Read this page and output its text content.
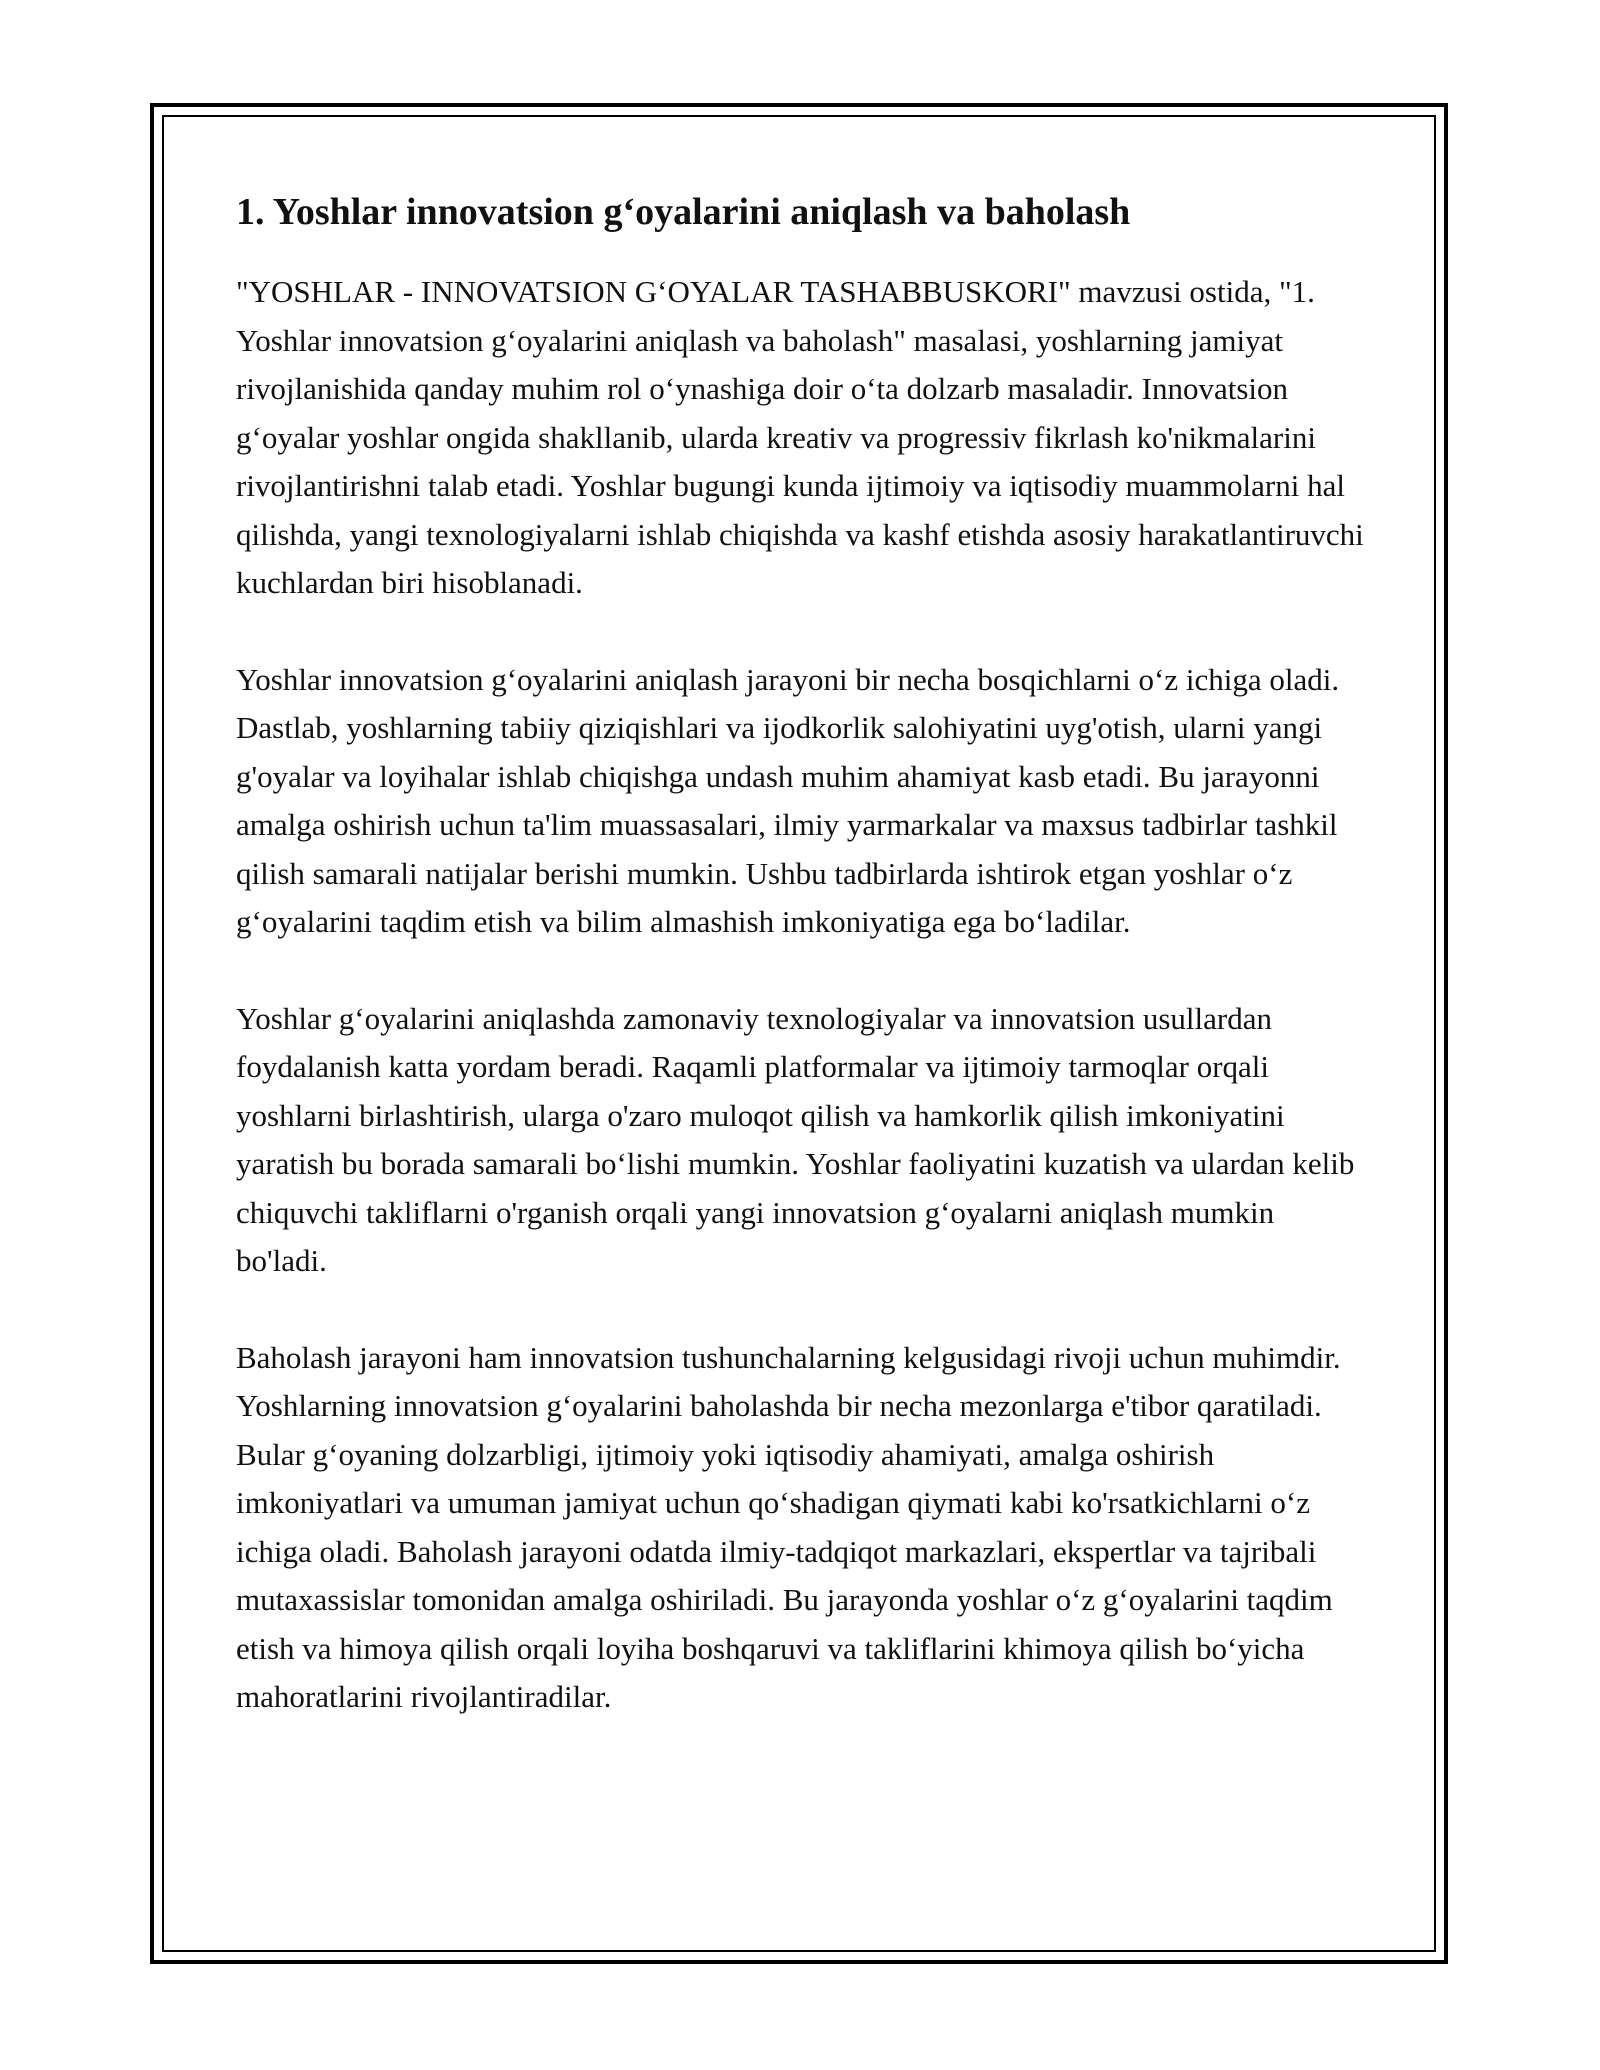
1. Yoshlar innovatsion g‘oyalarini aniqlash va baholash

"YOSHLAR - INNOVATSION G‘OYALAR TASHABBUSKORI" mavzusi ostida, "1. Yoshlar innovatsion g‘oyalarini aniqlash va baholash" masalasi, yoshlarning jamiyat rivojlanishida qanday muhim rol o‘ynashiga doir o‘ta dolzarb masaladir. Innovatsion g‘oyalar yoshlar ongida shakllanib, ularda kreativ va progressiv fikrlash ko'nikmalarini rivojlantirishni talab etadi. Yoshlar bugungi kunda ijtimoiy va iqtisodiy muammolarni hal qilishda, yangi texnologiyalarni ishlab chiqishda va kashf etishda asosiy harakatlantiruvchi kuchlardan biri hisoblanadi.

Yoshlar innovatsion g‘oyalarini aniqlash jarayoni bir necha bosqichlarni o‘z ichiga oladi. Dastlab, yoshlarning tabiiy qiziqishlari va ijodkorlik salohiyatini uyg'otish, ularni yangi g'oyalar va loyihalar ishlab chiqishga undash muhim ahamiyat kasb etadi. Bu jarayonni amalga oshirish uchun ta'lim muassasalari, ilmiy yarmarkalar va maxsus tadbirlar tashkil qilish samarali natijalar berishi mumkin. Ushbu tadbirlarda ishtirok etgan yoshlar o‘z g‘oyalarini taqdim etish va bilim almashish imkoniyatiga ega bo‘ladilar.

Yoshlar g‘oyalarini aniqlashda zamonaviy texnologiyalar va innovatsion usullardan foydalanish katta yordam beradi. Raqamli platformalar va ijtimoiy tarmoqlar orqali yoshlarni birlashtirish, ularga o'zaro muloqot qilish va hamkorlik qilish imkoniyatini yaratish bu borada samarali bo‘lishi mumkin. Yoshlar faoliyatini kuzatish va ulardan kelib chiquvchi takliflarni o'rganish orqali yangi innovatsion g‘oyalarni aniqlash mumkin bo'ladi.

Baholash jarayoni ham innovatsion tushunchalarning kelgusidagi rivoji uchun muhimdir. Yoshlarning innovatsion g‘oyalarini baholashda bir necha mezonlarga e'tibor qaratiladi. Bular g‘oyaning dolzarbligi, ijtimoiy yoki iqtisodiy ahamiyati, amalga oshirish imkoniyatlari va umuman jamiyat uchun qo‘shadigan qiymati kabi ko'rsatkichlarni o‘z ichiga oladi. Baholash jarayoni odatda ilmiy-tadqiqot markazlari, ekspertlar va tajribali mutaxassislar tomonidan amalga oshiriladi. Bu jarayonda yoshlar o‘z g‘oyalarini taqdim etish va himoya qilish orqali loyiha boshqaruvi va takliflarini khimoya qilish bo‘yicha mahoratlarini rivojlantiradilar.
